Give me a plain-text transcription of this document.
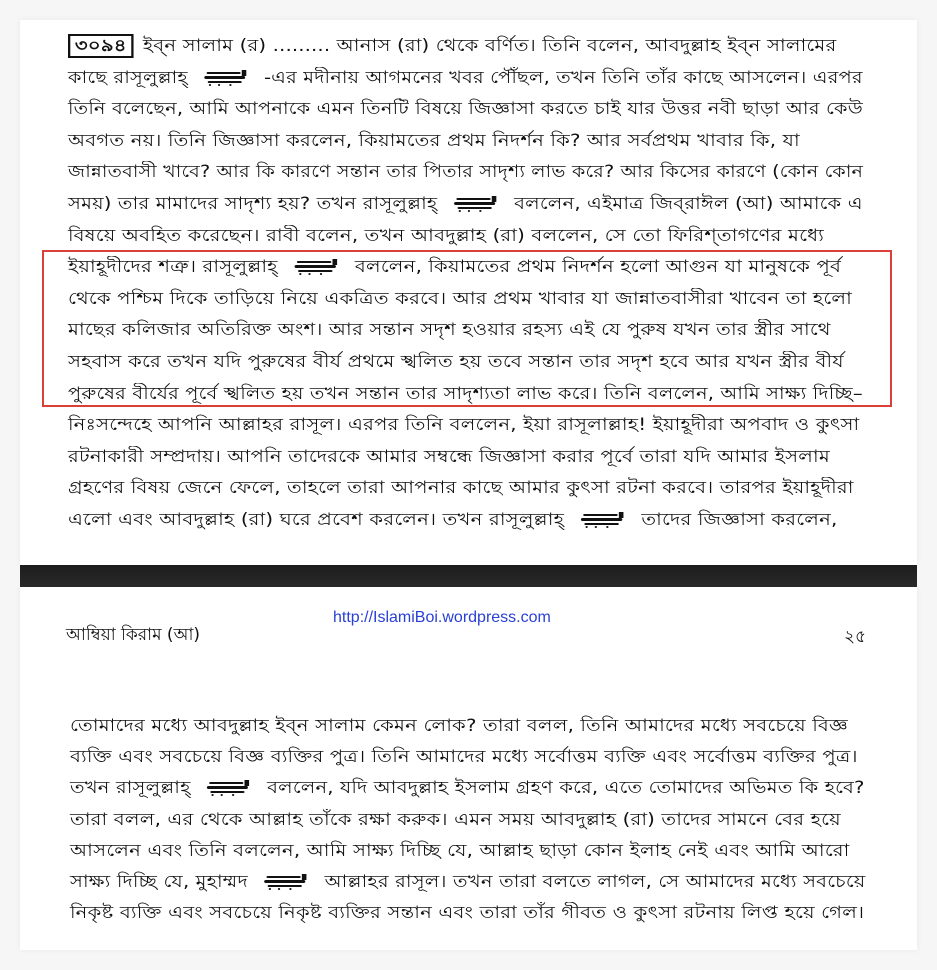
৩০৯৪ ইব্‌ন সালাম (র) ......... আনাস (রা) থেকে বর্ণিত। তিনি বলেন, আবদুল্লাহ ইব্‌ন সালামের
কাছে রাসূলুল্লাহ্	-এর মদীনায় আগমনের খবর পৌঁছল, তখন তিনি তাঁর কাছে আসলেন। এরপর
তিনি বলেছেন, আমি আপনাকে এমন তিনটি বিষয়ে জিজ্ঞাসা করতে চাই যার উত্তর নবী ছাড়া আর কেউ
অবগত নয়। তিনি জিজ্ঞাসা করলেন, কিয়ামতের প্রথম নিদর্শন কি? আর সর্বপ্রথম খাবার কি, যা
জান্নাতবাসী খাবে? আর কি কারণে সন্তান তার পিতার সাদৃশ্য লাভ করে? আর কিসের কারণে (কোন কোন
সময়) তার মামাদের সাদৃশ্য হয়? তখন রাসূলুল্লাহ্	বললেন, এইমাত্র জিব্‌রাঈল (আ) আমাকে এ
বিষয়ে অবহিত করেছেন। রাবী বলেন, তখন আবদুল্লাহ (রা) বললেন, সে তো ফিরিশ্‌তাগণের মধ্যে
ইয়াহূদীদের শত্রু। রাসূলুল্লাহ্	বললেন, কিয়ামতের প্রথম নিদর্শন হলো আগুন যা মানুষকে পূর্ব
থেকে পশ্চিম দিকে তাড়িয়ে নিয়ে একত্রিত করবে। আর প্রথম খাবার যা জান্নাতবাসীরা খাবেন তা হলো
মাছের কলিজার অতিরিক্ত অংশ। আর সন্তান সদৃশ হওয়ার রহস্য এই যে পুরুষ যখন তার স্ত্রীর সাথে
সহবাস করে তখন যদি পুরুষের বীর্য প্রথমে স্খলিত হয় তবে সন্তান তার সদৃশ হবে আর যখন স্ত্রীর বীর্য
পুরুষের বীর্যের পূর্বে স্খলিত হয় তখন সন্তান তার সাদৃশ্যতা লাভ করে। তিনি বললেন, আমি সাক্ষ্য দিচ্ছি–
নিঃসন্দেহে আপনি আল্লাহর রাসূল। এরপর তিনি বললেন, ইয়া রাসূলাল্লাহ! ইয়াহূদীরা অপবাদ ও কুৎসা
রটনাকারী সম্প্রদায়। আপনি তাদেরকে আমার সম্বন্ধে জিজ্ঞাসা করার পূর্বে তারা যদি আমার ইসলাম
গ্রহণের বিষয় জেনে ফেলে, তাহলে তারা আপনার কাছে আমার কুৎসা রটনা করবে। তারপর ইয়াহূদীরা
এলো এবং আবদুল্লাহ (রা) ঘরে প্রবেশ করলেন। তখন রাসূলুল্লাহ্	তাদের জিজ্ঞাসা করলেন,
আম্বিয়া কিরাম (আ)
http://IslamiBoi.wordpress.com
২৫
তোমাদের মধ্যে আবদুল্লাহ ইব্‌ন সালাম কেমন লোক? তারা বলল, তিনি আমাদের মধ্যে সবচেয়ে বিজ্ঞ
ব্যক্তি এবং সবচেয়ে বিজ্ঞ ব্যক্তির পুত্র। তিনি আমাদের মধ্যে সর্বোত্তম ব্যক্তি এবং সর্বোত্তম ব্যক্তির পুত্র।
তখন রাসূলুল্লাহ্	বললেন, যদি আবদুল্লাহ ইসলাম গ্রহণ করে, এতে তোমাদের অভিমত কি হবে?
তারা বলল, এর থেকে আল্লাহ তাঁকে রক্ষা করুক। এমন সময় আবদুল্লাহ (রা) তাদের সামনে বের হয়ে
আসলেন এবং তিনি বললেন, আমি সাক্ষ্য দিচ্ছি যে, আল্লাহ ছাড়া কোন ইলাহ নেই এবং আমি আরো
সাক্ষ্য দিচ্ছি যে, মুহাম্মদ	আল্লাহর রাসূল। তখন তারা বলতে লাগল, সে আমাদের মধ্যে সবচেয়ে
নিকৃষ্ট ব্যক্তি এবং সবচেয়ে নিকৃষ্ট ব্যক্তির সন্তান এবং তারা তাঁর গীবত ও কুৎসা রটনায় লিপ্ত হয়ে গেল।
